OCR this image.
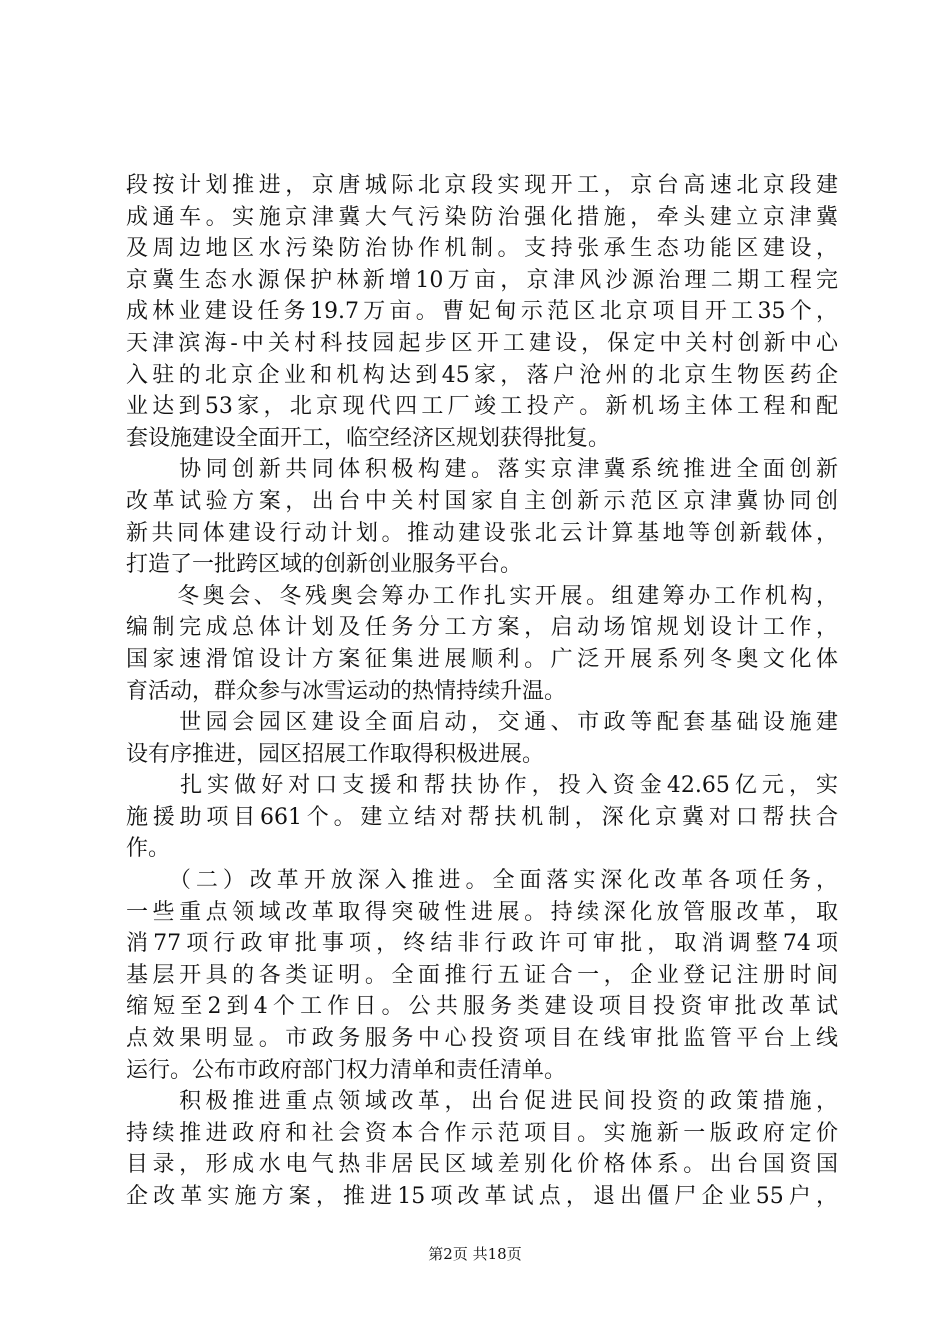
段按计划推进，京唐城际北京段实现开工，京台高速北京段建
成通车。实施京津冀大气污染防治强化措施，牵头建立京津冀
及周边地区水污染防治协作机制。支持张承生态功能区建设，
京冀生态水源保护林新增10万亩，京津风沙源治理二期工程完
成林业建设任务19.7万亩。曹妃甸示范区北京项目开工35个，
天津滨海-中关村科技园起步区开工建设，保定中关村创新中心
入驻的北京企业和机构达到45家，落户沧州的北京生物医药企
业达到53家，北京现代四工厂竣工投产。新机场主体工程和配
套设施建设全面开工，临空经济区规划获得批复。
　　协同创新共同体积极构建。落实京津冀系统推进全面创新
改革试验方案，出台中关村国家自主创新示范区京津冀协同创
新共同体建设行动计划。推动建设张北云计算基地等创新载体，
打造了一批跨区域的创新创业服务平台。
　　冬奥会、冬残奥会筹办工作扎实开展。组建筹办工作机构，
编制完成总体计划及任务分工方案，启动场馆规划设计工作，
国家速滑馆设计方案征集进展顺利。广泛开展系列冬奥文化体
育活动，群众参与冰雪运动的热情持续升温。
　　世园会园区建设全面启动，交通、市政等配套基础设施建
设有序推进，园区招展工作取得积极进展。
　　扎实做好对口支援和帮扶协作，投入资金42.65亿元，实
施援助项目661个。建立结对帮扶机制，深化京冀对口帮扶合
作。
　　（二）改革开放深入推进。全面落实深化改革各项任务，
一些重点领域改革取得突破性进展。持续深化放管服改革，取
消77项行政审批事项，终结非行政许可审批，取消调整74项
基层开具的各类证明。全面推行五证合一，企业登记注册时间
缩短至2到4个工作日。公共服务类建设项目投资审批改革试
点效果明显。市政务服务中心投资项目在线审批监管平台上线
运行。公布市政府部门权力清单和责任清单。
　　积极推进重点领域改革，出台促进民间投资的政策措施，
持续推进政府和社会资本合作示范项目。实施新一版政府定价
目录，形成水电气热非居民区域差别化价格体系。出台国资国
企改革实施方案，推进15项改革试点，退出僵尸企业55户，
第2页 共18页
